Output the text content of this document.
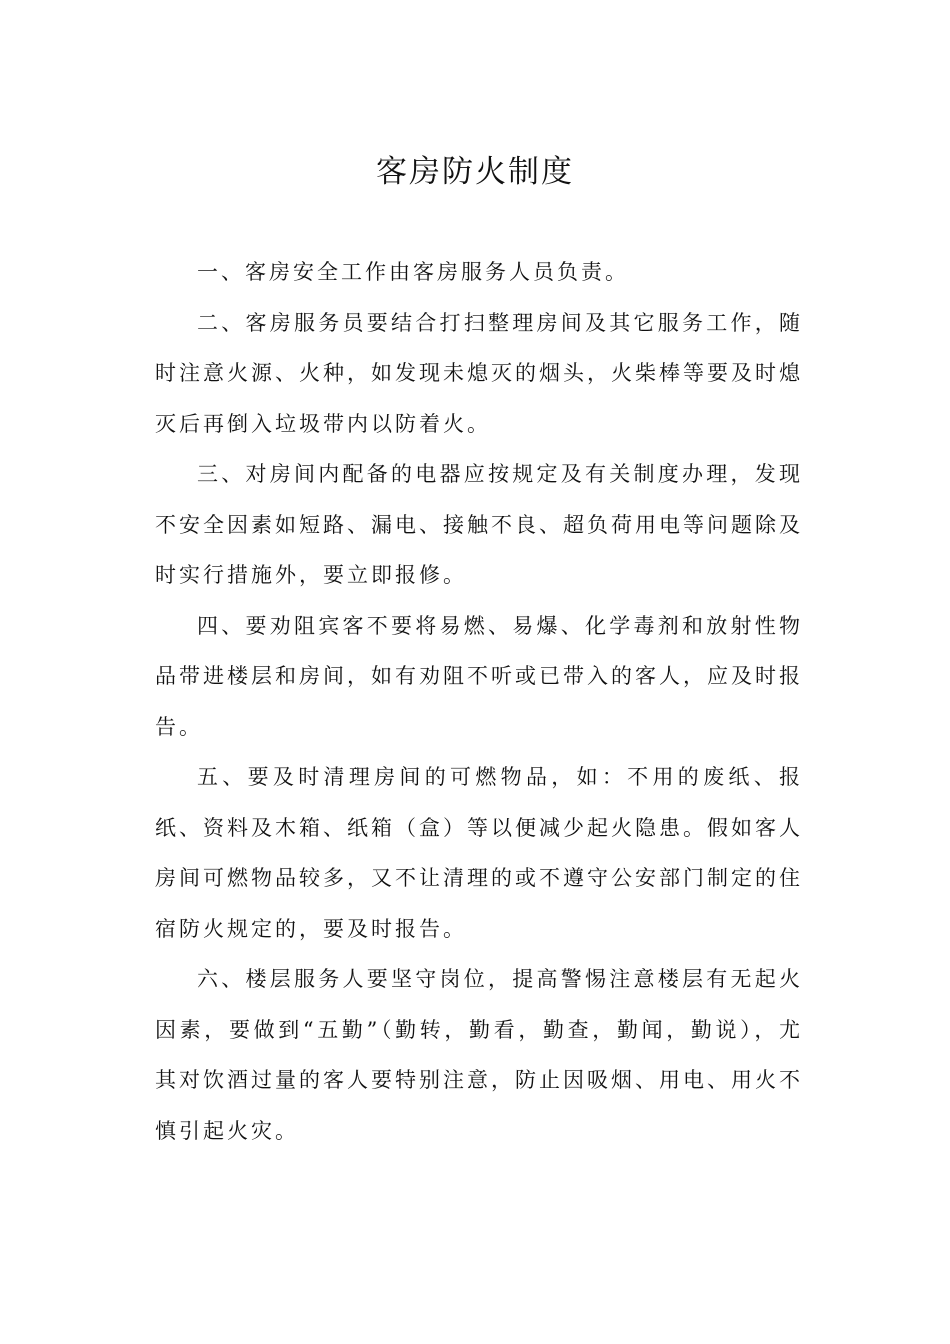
客房防火制度

一、客房安全工作由客房服务人员负责。

二、客房服务员要结合打扫整理房间及其它服务工作，随时注意火源、火种，如发现未熄灭的烟头，火柴棒等要及时熄灭后再倒入垃圾带内以防着火。

三、对房间内配备的电器应按规定及有关制度办理，发现不安全因素如短路、漏电、接触不良、超负荷用电等问题除及时实行措施外，要立即报修。

四、要劝阻宾客不要将易燃、易爆、化学毒剂和放射性物品带进楼层和房间，如有劝阻不听或已带入的客人，应及时报告。

五、要及时清理房间的可燃物品，如：不用的废纸、报纸、资料及木箱、纸箱（盒）等以便减少起火隐患。假如客人房间可燃物品较多，又不让清理的或不遵守公安部门制定的住宿防火规定的，要及时报告。

六、楼层服务人要坚守岗位，提高警惕注意楼层有无起火因素，要做到“五勤”（勤转，勤看，勤查，勤闻，勤说），尤其对饮酒过量的客人要特别注意，防止因吸烟、用电、用火不慎引起火灾。
